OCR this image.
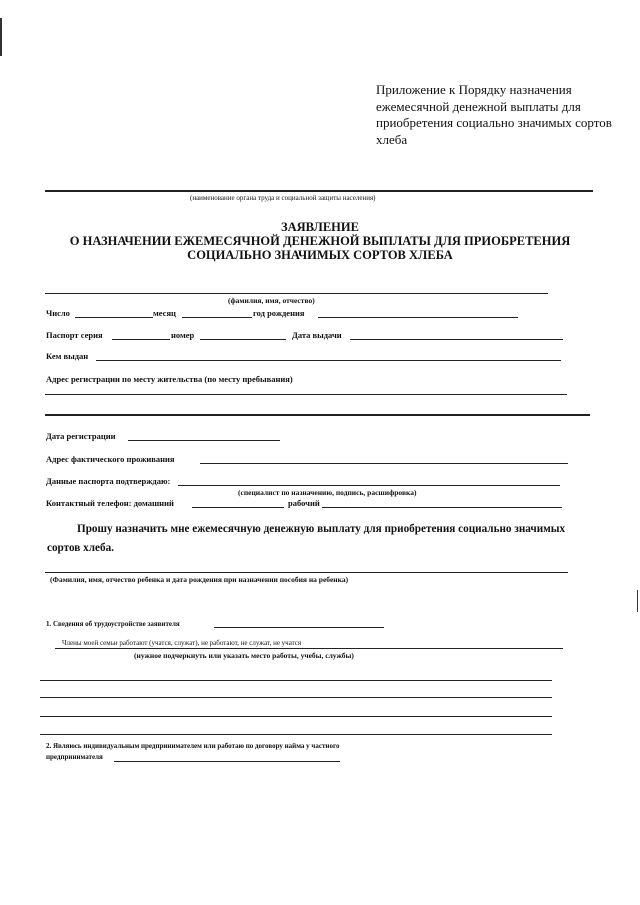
Приложение к Порядку назначения ежемесячной денежной выплаты для приобретения социально значимых сортов хлеба
(наименование органа труда и социальной защиты населения)
ЗАЯВЛЕНИЕ
О НАЗНАЧЕНИИ ЕЖЕМЕСЯЧНОЙ ДЕНЕЖНОЙ ВЫПЛАТЫ ДЛЯ ПРИОБРЕТЕНИЯ
СОЦИАЛЬНО ЗНАЧИМЫХ СОРТОВ ХЛЕБА
(фамилия, имя, отчество)
Число	месяц	год рождения
Паспорт серия	номер	Дата выдачи
Кем выдан
Адрес регистрации по месту жительства (по месту пребывания)
Дата регистрации
Адрес фактического проживания
Данные паспорта подтверждаю:
(специалист по назначению, подпись, расшифровка)
Контактный телефон: домашний	рабочий
Прошу назначить мне ежемесячную денежную выплату для приобретения социально значимых сортов хлеба.
(Фамилия, имя, отчество ребенка и дата рождения при назначении пособия на ребенка)
1. Сведения об трудоустройстве заявителя
Члены моей семьи работают (учатся, служат), не работают, не служат, не учатся
(нужное подчеркнуть или указать место работы, учебы, службы)
2. Являюсь индивидуальным предпринимателем или работаю по договору найма у частного
предпринимателя
